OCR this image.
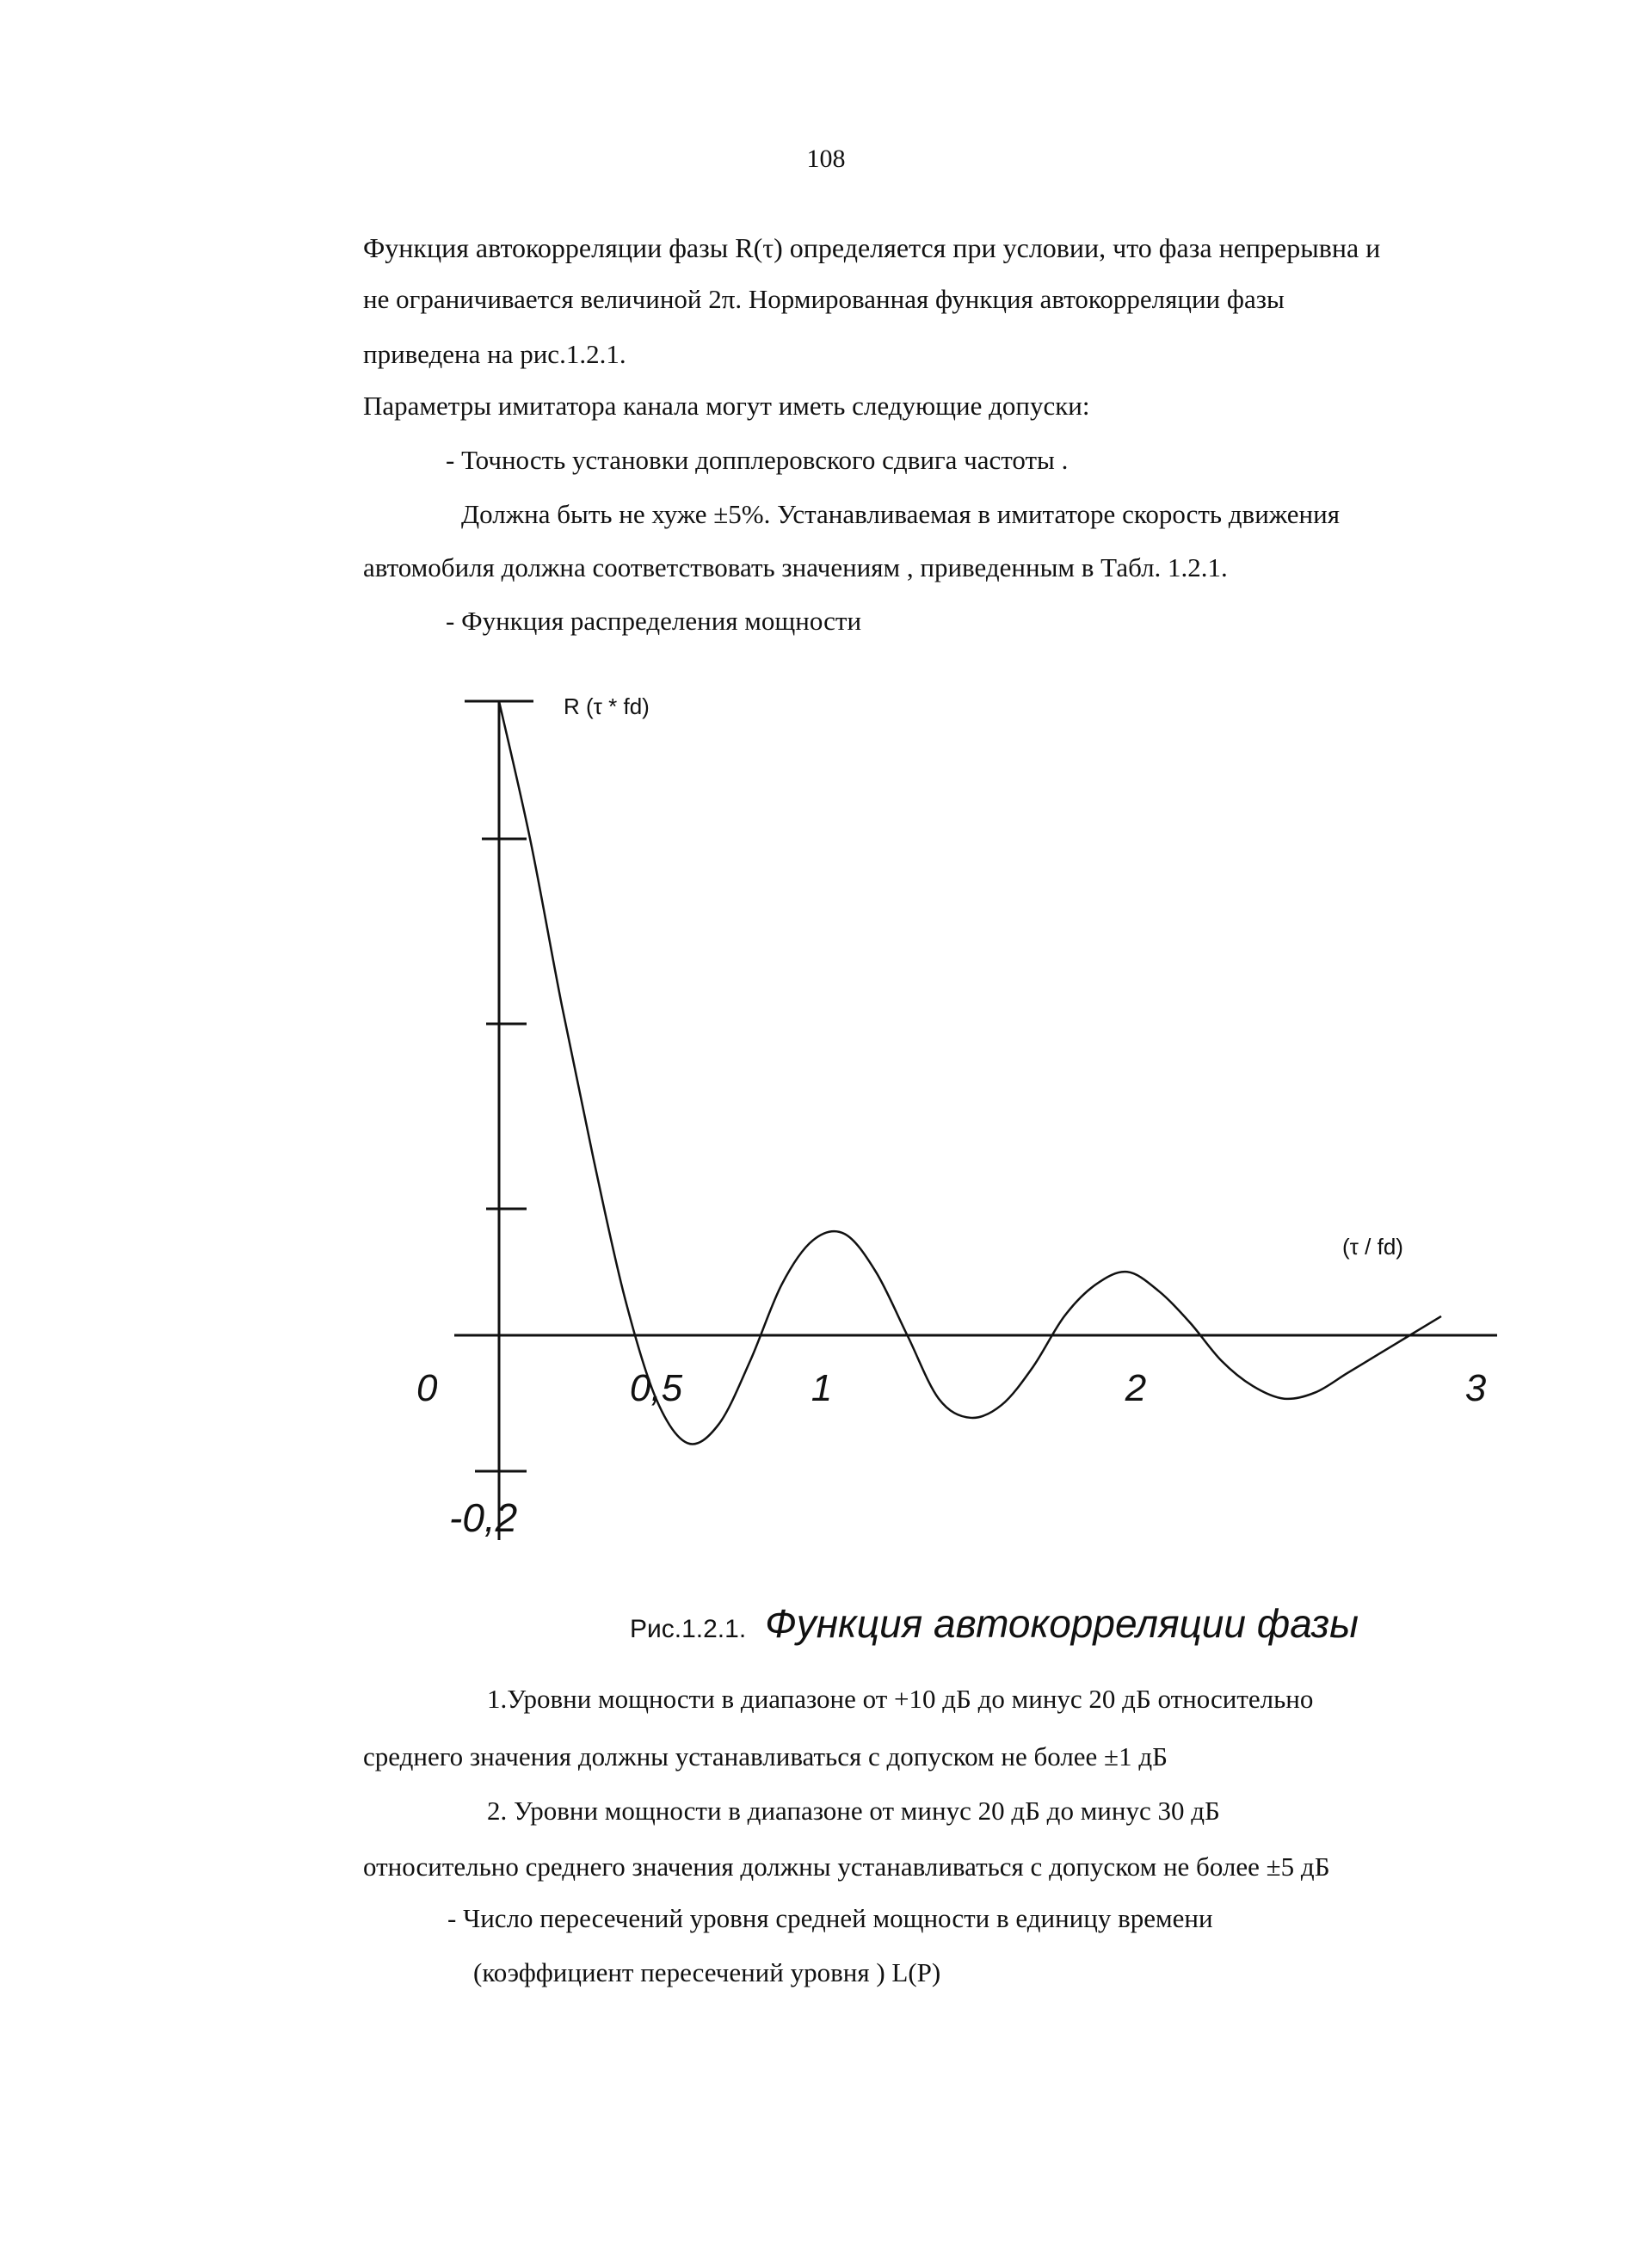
108
Функция автокорреляции фазы R(τ) определяется при условии, что фаза непрерывна и
не ограничивается величиной 2π. Нормированная функция автокорреляции фазы
приведена на рис.1.2.1.
Параметры имитатора канала могут иметь следующие допуски:
- Точность установки допплеровского сдвига частоты .
Должна быть не хуже ±5%. Устанавливаемая в имитаторе скорость движения
автомобиля должна соответствовать значениям , приведенным в Табл. 1.2.1.
- Функция распределения мощности
0	0,5	1	2	3
-0,2
R (τ * fd)
(τ / fd)
Рис.1.2.1. Функция автокорреляции фазы
1.Уровни мощности в диапазоне от +10 дБ до минус 20 дБ относительно
среднего значения должны устанавливаться с допуском не более ±1 дБ
2. Уровни мощности в диапазоне от минус 20 дБ до минус 30 дБ
относительно среднего значения должны устанавливаться с допуском не более ±5 дБ
- Число пересечений уровня средней мощности в единицу времени
(коэффициент пересечений уровня ) L(P)
